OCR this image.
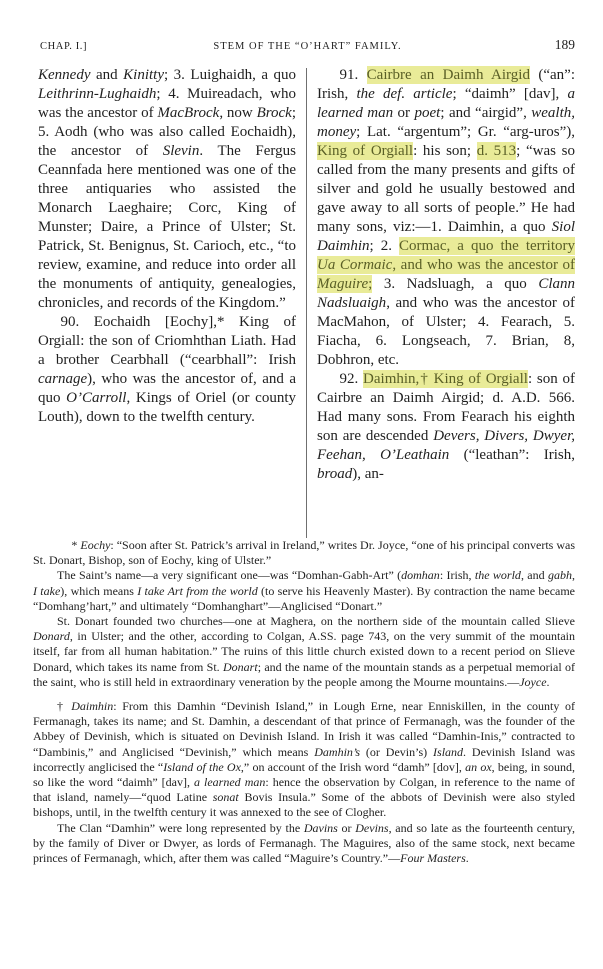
CHAP. I.]	STEM OF THE “O’HART” FAMILY.	189

Kennedy and Kinitty; 3. Luighaidh, a quo Leithrinn-Lughaidh; 4. Muireadach, who was the ancestor of MacBrock, now Brock; 5. Aodh (who was also called Eochaidh), the ancestor of Slevin. The Fergus Ceannfada here mentioned was one of the three antiquaries who assisted the Monarch Laeghaire; Corc, King of Munster; Daire, a Prince of Ulster; St. Patrick, St. Benignus, St. Carioch, etc., “to review, examine, and reduce into order all the monuments of antiquity, genealogies, chronicles, and records of the Kingdom.”

90. Eochaidh [Eochy],* King of Orgiall: the son of Criomhthan Liath. Had a brother Cearbhall (“cearbhall”: Irish carnage), who was the ancestor of, and a quo O’Carroll, Kings of Oriel (or county Louth), down to the twelfth century.

91. Cairbre an Daimh Airgid (“an”: Irish, the def. article; “daimh” [dav], a learned man or poet; and “airgid”, wealth, money; Lat. “argentum”; Gr. “arg-uros”), King of Orgiall: his son; d. 513; “was so called from the many presents and gifts of silver and gold he usually bestowed and gave away to all sorts of people.” He had many sons, viz:—1. Daimhin, a quo Siol Daimhin; 2. Cormac, a quo the territory Ua Cormaic, and who was the ancestor of Maguire; 3. Nadsluagh, a quo Clann Nadsluaigh, and who was the ancestor of MacMahon, of Ulster; 4. Fearach, 5. Fiacha, 6. Longseach, 7. Brian, 8, Dobhron, etc.

92. Daimhin,† King of Orgiall: son of Cairbre an Daimh Airgid; d. A.D. 566. Had many sons. From Fearach his eighth son are descended Devers, Divers, Dwyer, Feehan, O’Leathain (“leathan”: Irish, broad), an-

* Eochy: “Soon after St. Patrick’s arrival in Ireland,” writes Dr. Joyce, “one of his principal converts was St. Donart, Bishop, son of Eochy, king of Ulster.”

The Saint’s name—a very significant one—was “Domhan-Gabh-Art” (domhan: Irish, the world, and gabh, I take), which means I take Art from the world (to serve his Heavenly Master). By contraction the name became “Domhang’hart,” and ultimately “Domhanghart”—Anglicised “Donart.”

St. Donart founded two churches—one at Maghera, on the northern side of the mountain called Slieve Donard, in Ulster; and the other, according to Colgan, A.SS. page 743, on the very summit of the mountain itself, far from all human habitation.” The ruins of this little church existed down to a recent period on Slieve Donard, which takes its name from St. Donart; and the name of the mountain stands as a perpetual memorial of the saint, who is still held in extraordinary veneration by the people among the Mourne mountains.—Joyce.

† Daimhin: From this Damhin “Devinish Island,” in Lough Erne, near Enniskillen, in the county of Fermanagh, takes its name; and St. Damhin, a descendant of that prince of Fermanagh, was the founder of the Abbey of Devinish, which is situated on Devinish Island. In Irish it was called “Damhin-Inis,” contracted to “Dambinis,” and Anglicised “Devinish,” which means Damhin’s (or Devin’s) Island. Devinish Island was incorrectly anglicised the “Island of the Ox,” on account of the Irish word “damh” [dov], an ox, being, in sound, so like the word “daimh” [dav], a learned man: hence the observation by Colgan, in reference to the name of that island, namely—“quod Latine sonat Bovis Insula.” Some of the abbots of Devinish were also styled bishops, until, in the twelfth century it was annexed to the see of Clogher.

The Clan “Damhin” were long represented by the Davins or Devins, and so late as the fourteenth century, by the family of Diver or Dwyer, as lords of Fermanagh. The Maguires, also of the same stock, next became princes of Fermanagh, which, after them was called “Maguire’s Country.”—Four Masters.
